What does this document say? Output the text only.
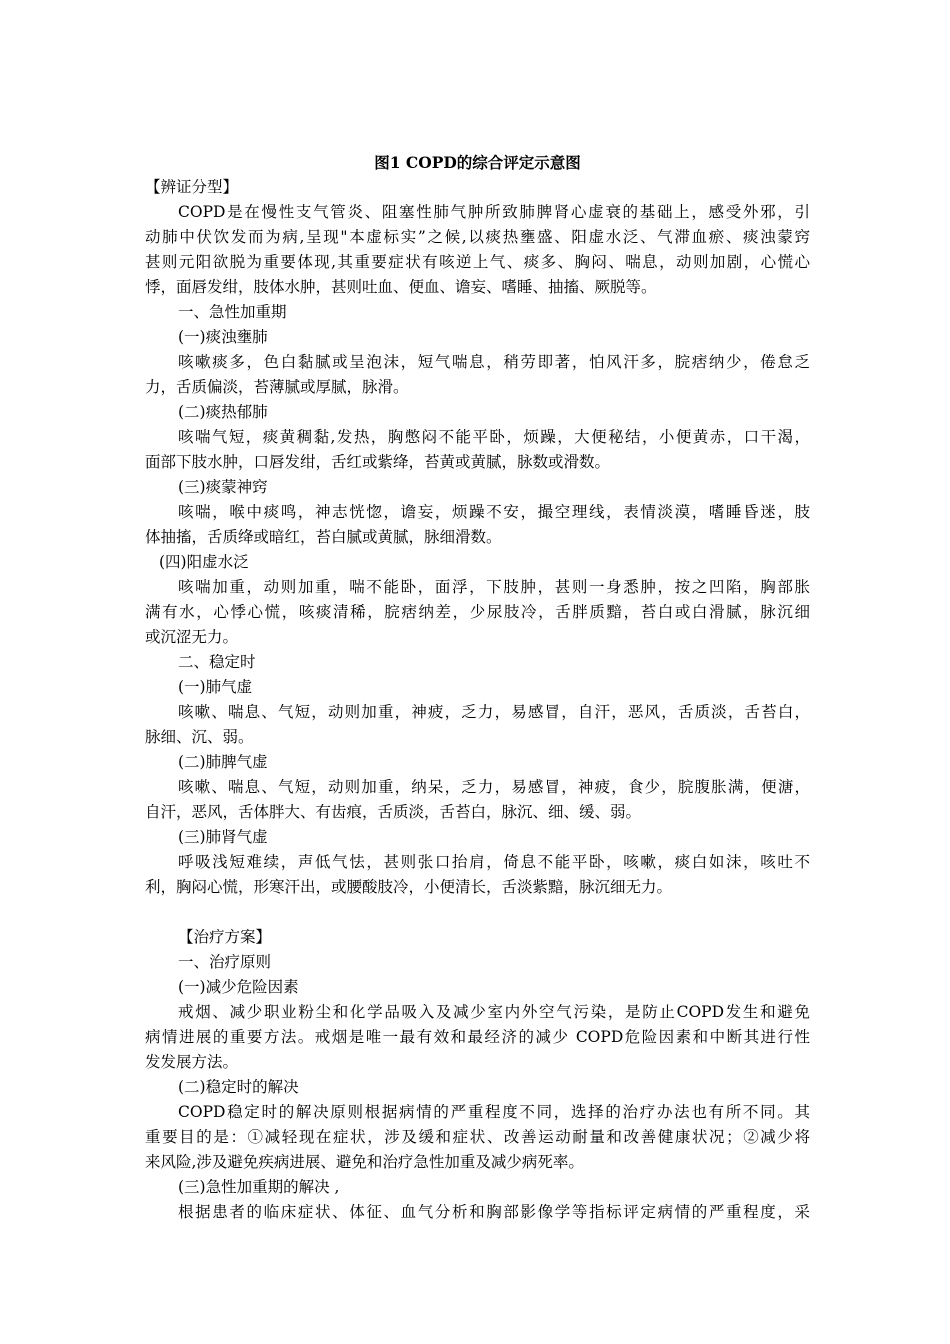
图1 COPD的综合评定示意图
【辨证分型】
COPD是在慢性支气管炎、阻塞性肺气肿所致肺脾肾心虚衰的基础上，感受外邪，引
动肺中伏饮发而为病,呈现"本虚标实”之候,以痰热壅盛、阳虚水泛、气滞血瘀、痰浊蒙窍
甚则元阳欲脱为重要体现,其重要症状有咳逆上气、痰多、胸闷、喘息，动则加剧，心慌心
悸，面唇发绀，肢体水肿，甚则吐血、便血、谵妄、嗜睡、抽搐、厥脱等。
一、急性加重期
(一)痰浊壅肺
咳嗽痰多，色白黏腻或呈泡沫，短气喘息，稍劳即著，怕风汗多，脘痞纳少，倦怠乏
力，舌质偏淡，苔薄腻或厚腻，脉滑。
(二)痰热郁肺
咳喘气短，痰黄稠黏,发热，胸憋闷不能平卧，烦躁，大便秘结，小便黄赤，口干渴，
面部下肢水肿，口唇发绀，舌红或紫绛，苔黄或黄腻，脉数或滑数。
(三)痰蒙神窍
咳喘，喉中痰鸣，神志恍惚，谵妄，烦躁不安，撮空理线，表情淡漠，嗜睡昏迷，肢
体抽搐，舌质绛或暗红，苔白腻或黄腻，脉细滑数。
(四)阳虚水泛
咳喘加重，动则加重，喘不能卧，面浮，下肢肿，甚则一身悉肿，按之凹陷，胸部胀
满有水，心悸心慌，咳痰清稀，脘痞纳差，少尿肢冷，舌胖质黯，苔白或白滑腻，脉沉细
或沉涩无力。
二、稳定时
(一)肺气虚
咳嗽、喘息、气短，动则加重，神疲，乏力，易感冒，自汗，恶风，舌质淡，舌苔白，
脉细、沉、弱。
(二)肺脾气虚
咳嗽、喘息、气短，动则加重，纳呆，乏力，易感冒，神疲，食少，脘腹胀满，便溏，
自汗，恶风，舌体胖大、有齿痕，舌质淡，舌苔白，脉沉、细、缓、弱。
(三)肺肾气虚
呼吸浅短难续，声低气怯，甚则张口抬肩，倚息不能平卧，咳嗽，痰白如沫，咳吐不
利，胸闷心慌，形寒汗出，或腰酸肢冷，小便清长，舌淡紫黯，脉沉细无力。
【治疗方案】
一、治疗原则
(一)减少危险因素
戒烟、减少职业粉尘和化学品吸入及减少室内外空气污染，是防止COPD发生和避免
病情进展的重要方法。戒烟是唯一最有效和最经济的减少 COPD危险因素和中断其进行性
发发展方法。
(二)稳定时的解决
COPD稳定时的解决原则根据病情的严重程度不同，选择的治疗办法也有所不同。其
重要目的是：①减轻现在症状，涉及缓和症状、改善运动耐量和改善健康状况；②减少将
来风险,涉及避免疾病进展、避免和治疗急性加重及减少病死率。
(三)急性加重期的解决 ,
根据患者的临床症状、体征、血气分析和胸部影像学等指标评定病情的严重程度，采
